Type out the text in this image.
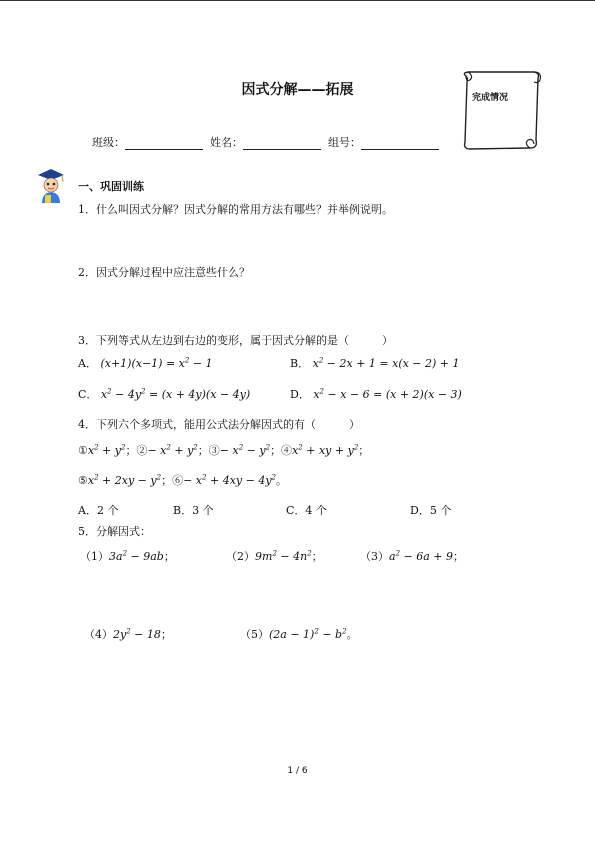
因式分解——拓展	完成情况
班级：	姓名：	组号：
一、巩固训练
1．什么叫因式分解？因式分解的常用方法有哪些？并举例说明。
2．因式分解过程中应注意些什么？
3．下列等式从左边到右边的变形，属于因式分解的是（　　　）
A． $(x+1)(x-1) = x^2 - 1$	B． $x^2 - 2x + 1 = x(x - 2) + 1$
C． $x^2 - 4y^2 = (x + 4y)(x - 4y)$	D． $x^2 - x - 6 = (x + 2)(x - 3)$
4．下列六个多项式，能用公式法分解因式的有（　　　）
$①x^2 + y^2$；②− $x^2 + y^2$；③− $x^2 - y^2$；$④x^2$ + xy + $y^2$；
$⑤x^2 + 2xy - y^2$；⑥− $x^2 + 4xy - 4y^2$。
A．2 个	B．3 个	C．4 个	D．5 个
5．分解因式：
$(1)3a^2 - 9ab$；	$(2)9m^2 - 4n^2$；	$(3)a^2 - 6a + 9$；
$(4)2y^2 - 18$；	$(5)(2a - 1)^2 - b^2$。
1 / 6
